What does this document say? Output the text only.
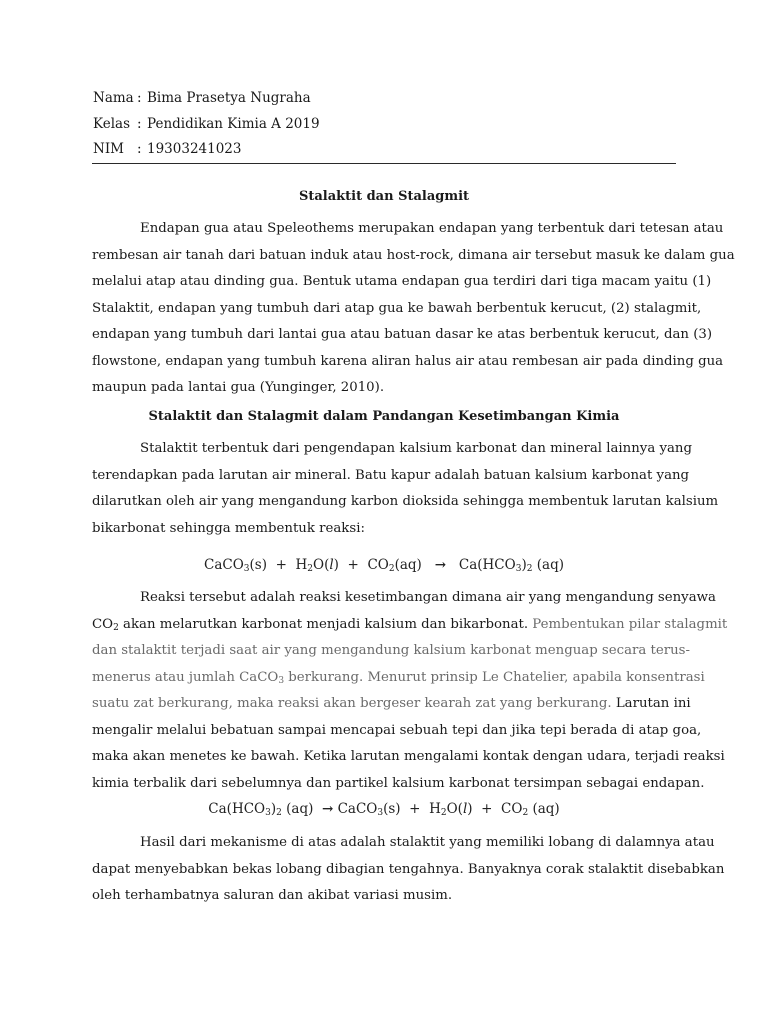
Nama : Bima Prasetya Nugraha
Kelas : Pendidikan Kimia A 2019
NIM : 19303241023
Stalaktit dan Stalagmit
Endapan gua atau Speleothems merupakan endapan yang terbentuk dari tetesan atau
rembesan air tanah dari batuan induk atau host-rock, dimana air tersebut masuk ke dalam gua
melalui atap atau dinding gua. Bentuk utama endapan gua terdiri dari tiga macam yaitu (1)
Stalaktit, endapan yang tumbuh dari atap gua ke bawah berbentuk kerucut, (2) stalagmit,
endapan yang tumbuh dari lantai gua atau batuan dasar ke atas berbentuk kerucut, dan (3)
flowstone, endapan yang tumbuh karena aliran halus air atau rembesan air pada dinding gua
maupun pada lantai gua (Yunginger, 2010).
Stalaktit dan Stalagmit dalam Pandangan Kesetimbangan Kimia
Stalaktit terbentuk dari pengendapan kalsium karbonat dan mineral lainnya yang
terendapkan pada larutan air mineral. Batu kapur adalah batuan kalsium karbonat yang
dilarutkan oleh air yang mengandung karbon dioksida sehingga membentuk larutan kalsium
bikarbonat sehingga membentuk reaksi:
CaCO$_3$(s) + $H_2O(l) + CO_2(aq) \to Ca(HCO_3)_2$ (aq)
Reaksi tersebut adalah reaksi kesetimbangan dimana air yang mengandung senyawa
$CO_2$ akan melarutkan karbonat menjadi kalsium dan bikarbonat. Pembentukan pilar stalagmit
dan stalaktit terjadi saat air yang mengandung kalsium karbonat menguap secara terus-
menerus atau jumlah CaCO$_3$ berkurang. Menurut prinsip Le Chatelier, apabila konsentrasi
suatu zat berkurang, maka reaksi akan bergeser kearah zat yang berkurang. Larutan ini
mengalir melalui bebatuan sampai mencapai sebuah tepi dan jika tepi berada di atap goa,
maka akan menetes ke bawah. Ketika larutan mengalami kontak dengan udara, terjadi reaksi
kimia terbalik dari sebelumnya dan partikel kalsium karbonat tersimpan sebagai endapan.
$Ca(HCO_3)_2$ (aq) → CaCO$_3$(s) + $H_2O(l) + CO_2$ (aq)
Hasil dari mekanisme di atas adalah stalaktit yang memiliki lobang di dalamnya atau
dapat menyebabkan bekas lobang dibagian tengahnya. Banyaknya corak stalaktit disebabkan
oleh terhambatnya saluran dan akibat variasi musim.
